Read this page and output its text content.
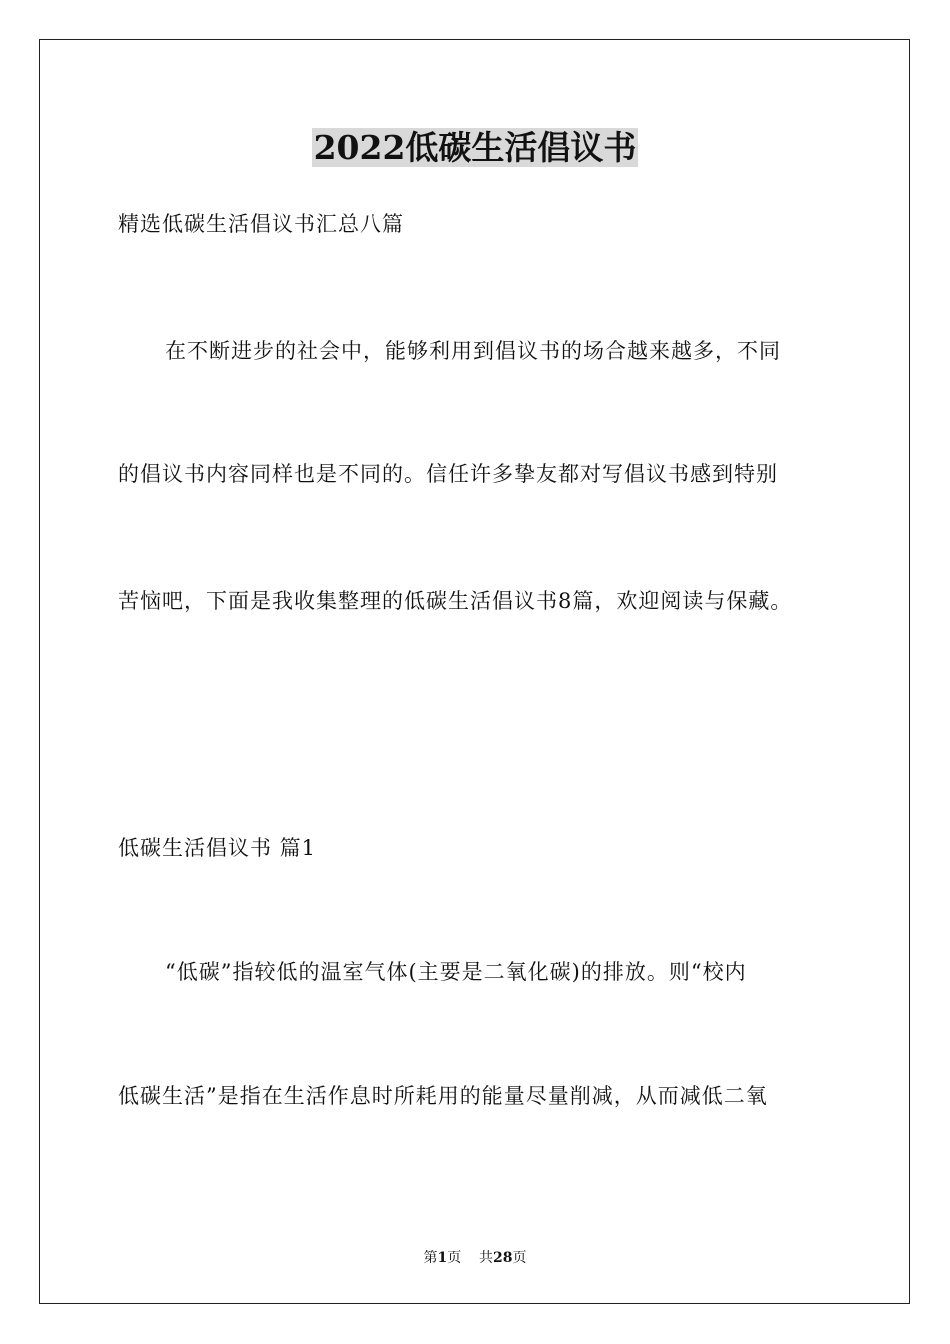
2022低碳生活倡议书
精选低碳生活倡议书汇总八篇
在不断进步的社会中，能够利用到倡议书的场合越来越多，不同
的倡议书内容同样也是不同的。信任许多挚友都对写倡议书感到特别
苦恼吧，下面是我收集整理的低碳生活倡议书8篇，欢迎阅读与保藏。
低碳生活倡议书 篇1
“低碳”指较低的温室气体(主要是二氧化碳)的排放。则“校内
低碳生活”是指在生活作息时所耗用的能量尽量削减，从而减低二氧
第1页 共28页
